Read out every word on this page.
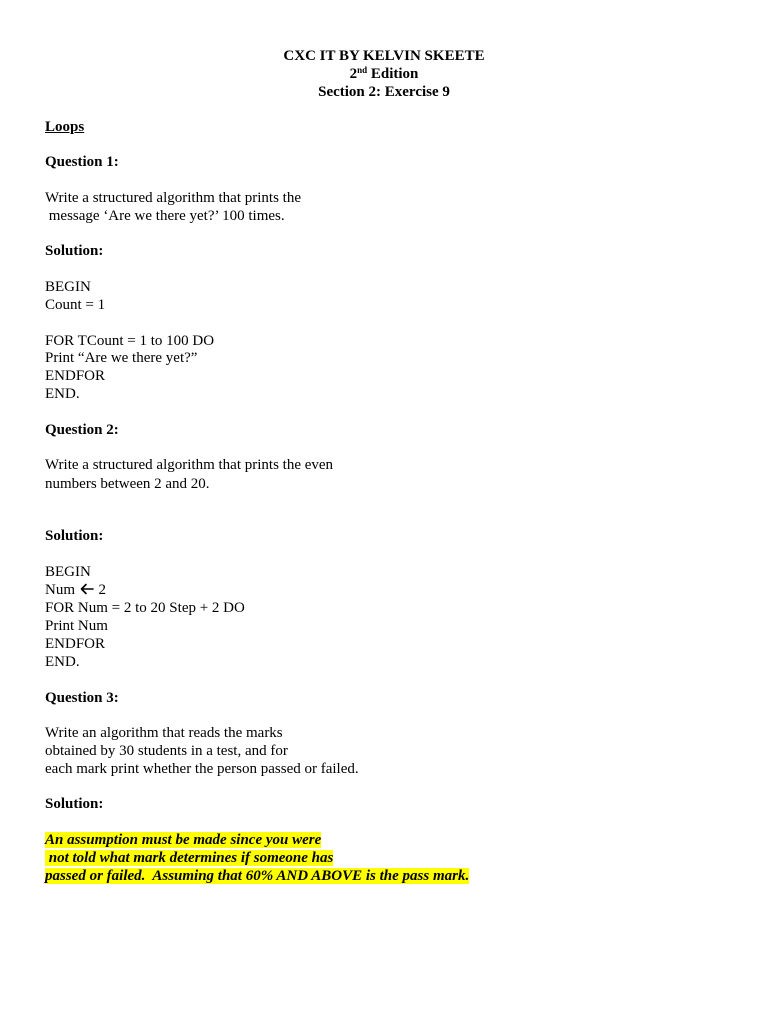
CXC IT BY KELVIN SKEETE
2nd Edition
Section 2: Exercise 9
Loops
Question 1:
Write a structured algorithm that prints the
message ‘Are we there yet?’ 100 times.
Solution:
BEGIN
Count = 1
FOR TCount = 1 to 100 DO
Print “Are we there yet?”
ENDFOR
END.
Question 2:
Write a structured algorithm that prints the even
numbers between 2 and 20.
Solution:
BEGIN
Num 2
FOR Num = 2 to 20 Step + 2 DO
Print Num
ENDFOR
END.
Question 3:
Write an algorithm that reads the marks
obtained by 30 students in a test, and for
each mark print whether the person passed or failed.
Solution:
An assumption must be made since you were
not told what mark determines if someone has
passed or failed.  Assuming that 60% AND ABOVE is the pass mark.
